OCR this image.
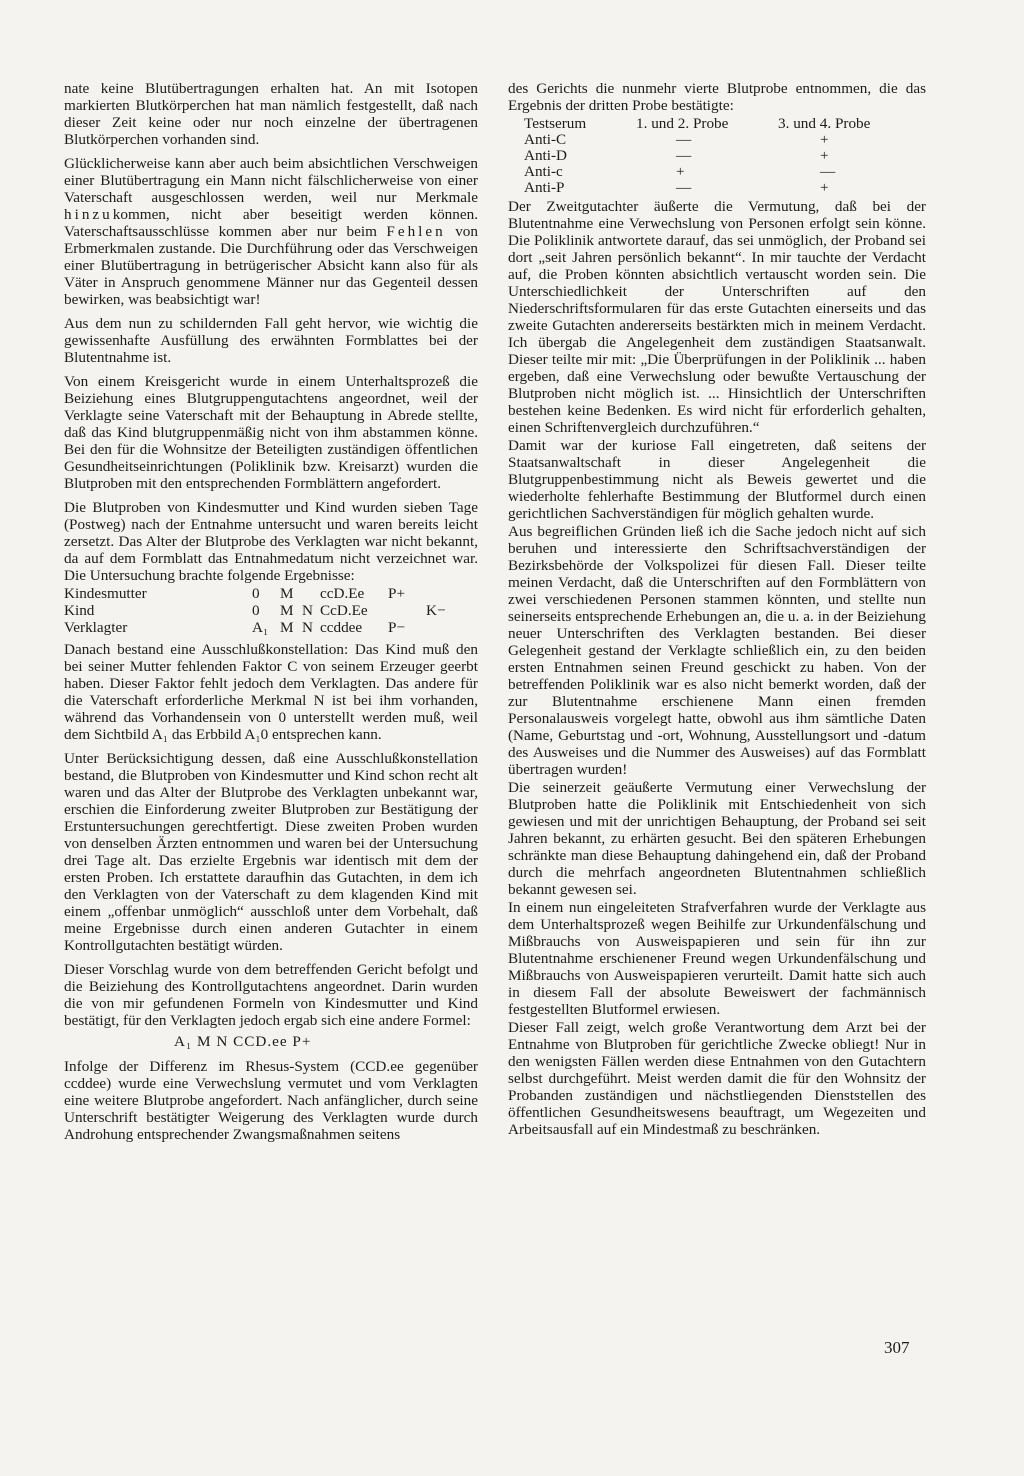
nate keine Blutübertragungen erhalten hat. An mit Isotopen markierten Blutkörperchen hat man nämlich festgestellt, daß nach dieser Zeit keine oder nur noch einzelne der übertragenen Blutkörperchen vorhanden sind.

Glücklicherweise kann aber auch beim absichtlichen Verschweigen einer Blutübertragung ein Mann nicht fälschlicherweise von einer Vaterschaft ausgeschlossen werden, weil nur Merkmale hinzukommen, nicht aber beseitigt werden können. Vaterschaftsausschlüsse kommen aber nur beim Fehlen von Erbmerkmalen zustande. Die Durchführung oder das Verschweigen einer Blutübertragung in betrügerischer Absicht kann also für als Väter in Anspruch genommene Männer nur das Gegenteil dessen bewirken, was beabsichtigt war!

Aus dem nun zu schildernden Fall geht hervor, wie wichtig die gewissenhafte Ausfüllung des erwähnten Formblattes bei der Blutentnahme ist.

Von einem Kreisgericht wurde in einem Unterhaltsprozeß die Beiziehung eines Blutgruppengutachtens angeordnet, weil der Verklagte seine Vaterschaft mit der Behauptung in Abrede stellte, daß das Kind blutgruppenmäßig nicht von ihm abstammen könne. Bei den für die Wohnsitze der Beteiligten zuständigen öffentlichen Gesundheitseinrichtungen (Poliklinik bzw. Kreisarzt) wurden die Blutproben mit den entsprechenden Formblättern angefordert.

Die Blutproben von Kindesmutter und Kind wurden sieben Tage (Postweg) nach der Entnahme untersucht und waren bereits leicht zersetzt. Das Alter der Blutprobe des Verklagten war nicht bekannt, da auf dem Formblatt das Entnahmedatum nicht verzeichnet war. Die Untersuchung brachte folgende Ergebnisse:

Kindesmutter	0	M		ccD.Ee	P+	
Kind	0	M	N	CcD.Ee		K−
Verklagter	A₁	M	N	ccddee	P−	

Danach bestand eine Ausschlußkonstellation: Das Kind muß den bei seiner Mutter fehlenden Faktor C von seinem Erzeuger geerbt haben. Dieser Faktor fehlt jedoch dem Verklagten. Das andere für die Vaterschaft erforderliche Merkmal N ist bei ihm vorhanden, während das Vorhandensein von 0 unterstellt werden muß, weil dem Sichtbild A₁ das Erbbild A₁0 entsprechen kann.

Unter Berücksichtigung dessen, daß eine Ausschlußkonstellation bestand, die Blutproben von Kindesmutter und Kind schon recht alt waren und das Alter der Blutprobe des Verklagten unbekannt war, erschien die Einforderung zweiter Blutproben zur Bestätigung der Erstuntersuchungen gerechtfertigt. Diese zweiten Proben wurden von denselben Ärzten entnommen und waren bei der Untersuchung drei Tage alt. Das erzielte Ergebnis war identisch mit dem der ersten Proben. Ich erstattete daraufhin das Gutachten, in dem ich den Verklagten von der Vaterschaft zu dem klagenden Kind mit einem „offenbar unmöglich“ ausschloß unter dem Vorbehalt, daß meine Ergebnisse durch einen anderen Gutachter in einem Kontrollgutachten bestätigt würden.

Dieser Vorschlag wurde von dem betreffenden Gericht befolgt und die Beiziehung des Kontrollgutachtens angeordnet. Darin wurden die von mir gefundenen Formeln von Kindesmutter und Kind bestätigt, für den Verklagten jedoch ergab sich eine andere Formel:

A₁ M N CCD.ee P+

Infolge der Differenz im Rhesus-System (CCD.ee gegenüber ccddee) wurde eine Verwechslung vermutet und vom Verklagten eine weitere Blutprobe angefordert. Nach anfänglicher, durch seine Unterschrift bestätigter Weigerung des Verklagten wurde durch Androhung entsprechender Zwangsmaßnahmen seitens

des Gerichts die nunmehr vierte Blutprobe entnommen, die das Ergebnis der dritten Probe bestätigte:

Testserum	1. und 2. Probe	3. und 4. Probe
Anti-C	—	+
Anti-D	—	+
Anti-c	+	—
Anti-P	—	+

Der Zweitgutachter äußerte die Vermutung, daß bei der Blutentnahme eine Verwechslung von Personen erfolgt sein könne. Die Poliklinik antwortete darauf, das sei unmöglich, der Proband sei dort „seit Jahren persönlich bekannt“. In mir tauchte der Verdacht auf, die Proben könnten absichtlich vertauscht worden sein. Die Unterschiedlichkeit der Unterschriften auf den Niederschriftsformularen für das erste Gutachten einerseits und das zweite Gutachten andererseits bestärkten mich in meinem Verdacht. Ich übergab die Angelegenheit dem zuständigen Staatsanwalt. Dieser teilte mir mit: „Die Überprüfungen in der Poliklinik ... haben ergeben, daß eine Verwechslung oder bewußte Vertauschung der Blutproben nicht möglich ist. ... Hinsichtlich der Unterschriften bestehen keine Bedenken. Es wird nicht für erforderlich gehalten, einen Schriftenvergleich durchzuführen.“

Damit war der kuriose Fall eingetreten, daß seitens der Staatsanwaltschaft in dieser Angelegenheit die Blutgruppenbestimmung nicht als Beweis gewertet und die wiederholte fehlerhafte Bestimmung der Blutformel durch einen gerichtlichen Sachverständigen für möglich gehalten wurde.

Aus begreiflichen Gründen ließ ich die Sache jedoch nicht auf sich beruhen und interessierte den Schriftsachverständigen der Bezirksbehörde der Volkspolizei für diesen Fall. Dieser teilte meinen Verdacht, daß die Unterschriften auf den Formblättern von zwei verschiedenen Personen stammen könnten, und stellte nun seinerseits entsprechende Erhebungen an, die u. a. in der Beiziehung neuer Unterschriften des Verklagten bestanden. Bei dieser Gelegenheit gestand der Verklagte schließlich ein, zu den beiden ersten Entnahmen seinen Freund geschickt zu haben. Von der betreffenden Poliklinik war es also nicht bemerkt worden, daß der zur Blutentnahme erschienene Mann einen fremden Personalausweis vorgelegt hatte, obwohl aus ihm sämtliche Daten (Name, Geburtstag und -ort, Wohnung, Ausstellungsort und -datum des Ausweises und die Nummer des Ausweises) auf das Formblatt übertragen wurden!

Die seinerzeit geäußerte Vermutung einer Verwechslung der Blutproben hatte die Poliklinik mit Entschiedenheit von sich gewiesen und mit der unrichtigen Behauptung, der Proband sei seit Jahren bekannt, zu erhärten gesucht. Bei den späteren Erhebungen schränkte man diese Behauptung dahingehend ein, daß der Proband durch die mehrfach angeordneten Blutentnahmen schließlich bekannt gewesen sei.

In einem nun eingeleiteten Strafverfahren wurde der Verklagte aus dem Unterhaltsprozeß wegen Beihilfe zur Urkundenfälschung und Mißbrauchs von Ausweispapieren und sein für ihn zur Blutentnahme erschienener Freund wegen Urkundenfälschung und Mißbrauchs von Ausweispapieren verurteilt. Damit hatte sich auch in diesem Fall der absolute Beweiswert der fachmännisch festgestellten Blutformel erwiesen.

Dieser Fall zeigt, welch große Verantwortung dem Arzt bei der Entnahme von Blutproben für gerichtliche Zwecke obliegt! Nur in den wenigsten Fällen werden diese Entnahmen von den Gutachtern selbst durchgeführt. Meist werden damit die für den Wohnsitz der Probanden zuständigen und nächstliegenden Dienststellen des öffentlichen Gesundheitswesens beauftragt, um Wegezeiten und Arbeitsausfall auf ein Mindestmaß zu beschränken.

307
